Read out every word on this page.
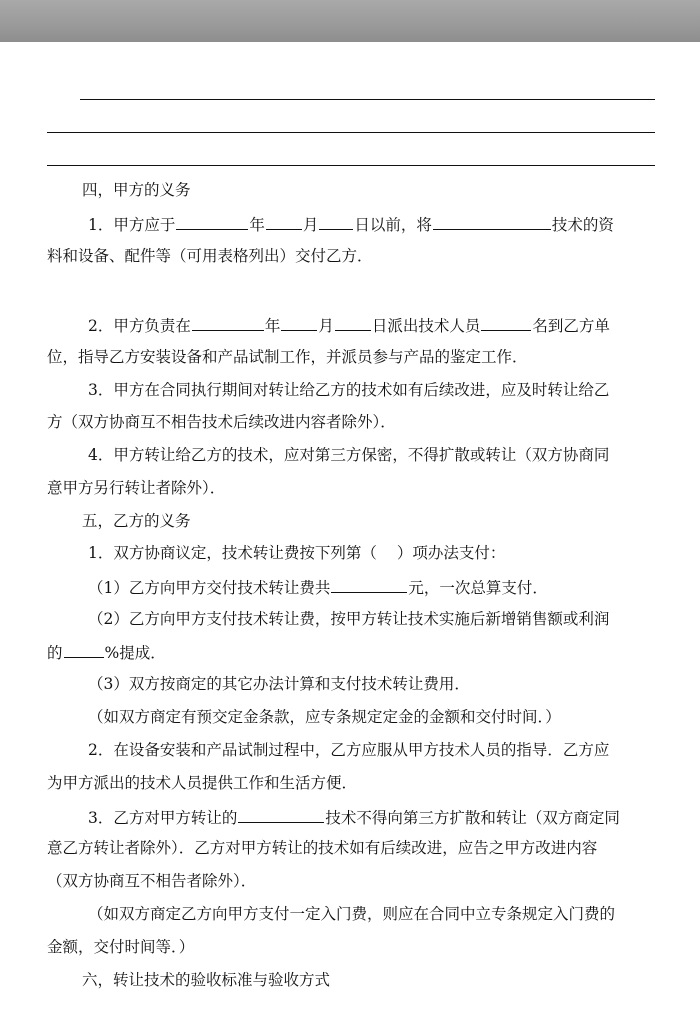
四，甲方的义务
1．甲方应于	年 月 日以前，将	技术的资
料和设备、配件等（可用表格列出）交付乙方．
2．甲方负责在	年 月 日派出技术人员	名到乙方单
位，指导乙方安装设备和产品试制工作，并派员参与产品的鉴定工作．
3．甲方在合同执行期间对转让给乙方的技术如有后续改进，应及时转让给乙
方（双方协商互不相告技术后续改进内容者除外）．
4．甲方转让给乙方的技术，应对第三方保密，不得扩散或转让（双方协商同
意甲方另行转让者除外）．
五，乙方的义务
1．双方协商议定，技术转让费按下列第（ ）项办法支付：
（1）乙方向甲方交付技术转让费共	元，一次总算支付．
（2）乙方向甲方支付技术转让费，按甲方转让技术实施后新增销售额或利润
的	%提成．
（3）双方按商定的其它办法计算和支付技术转让费用．
（如双方商定有预交定金条款，应专条规定定金的金额和交付时间．）
2．在设备安装和产品试制过程中，乙方应服从甲方技术人员的指导．乙方应
为甲方派出的技术人员提供工作和生活方便．
3．乙方对甲方转让的	技术不得向第三方扩散和转让（双方商定同
意乙方转让者除外）．乙方对甲方转让的技术如有后续改进，应告之甲方改进内容
（双方协商互不相告者除外）．
（如双方商定乙方向甲方支付一定入门费，则应在合同中立专条规定入门费的
金额，交付时间等．）
六，转让技术的验收标准与验收方式
